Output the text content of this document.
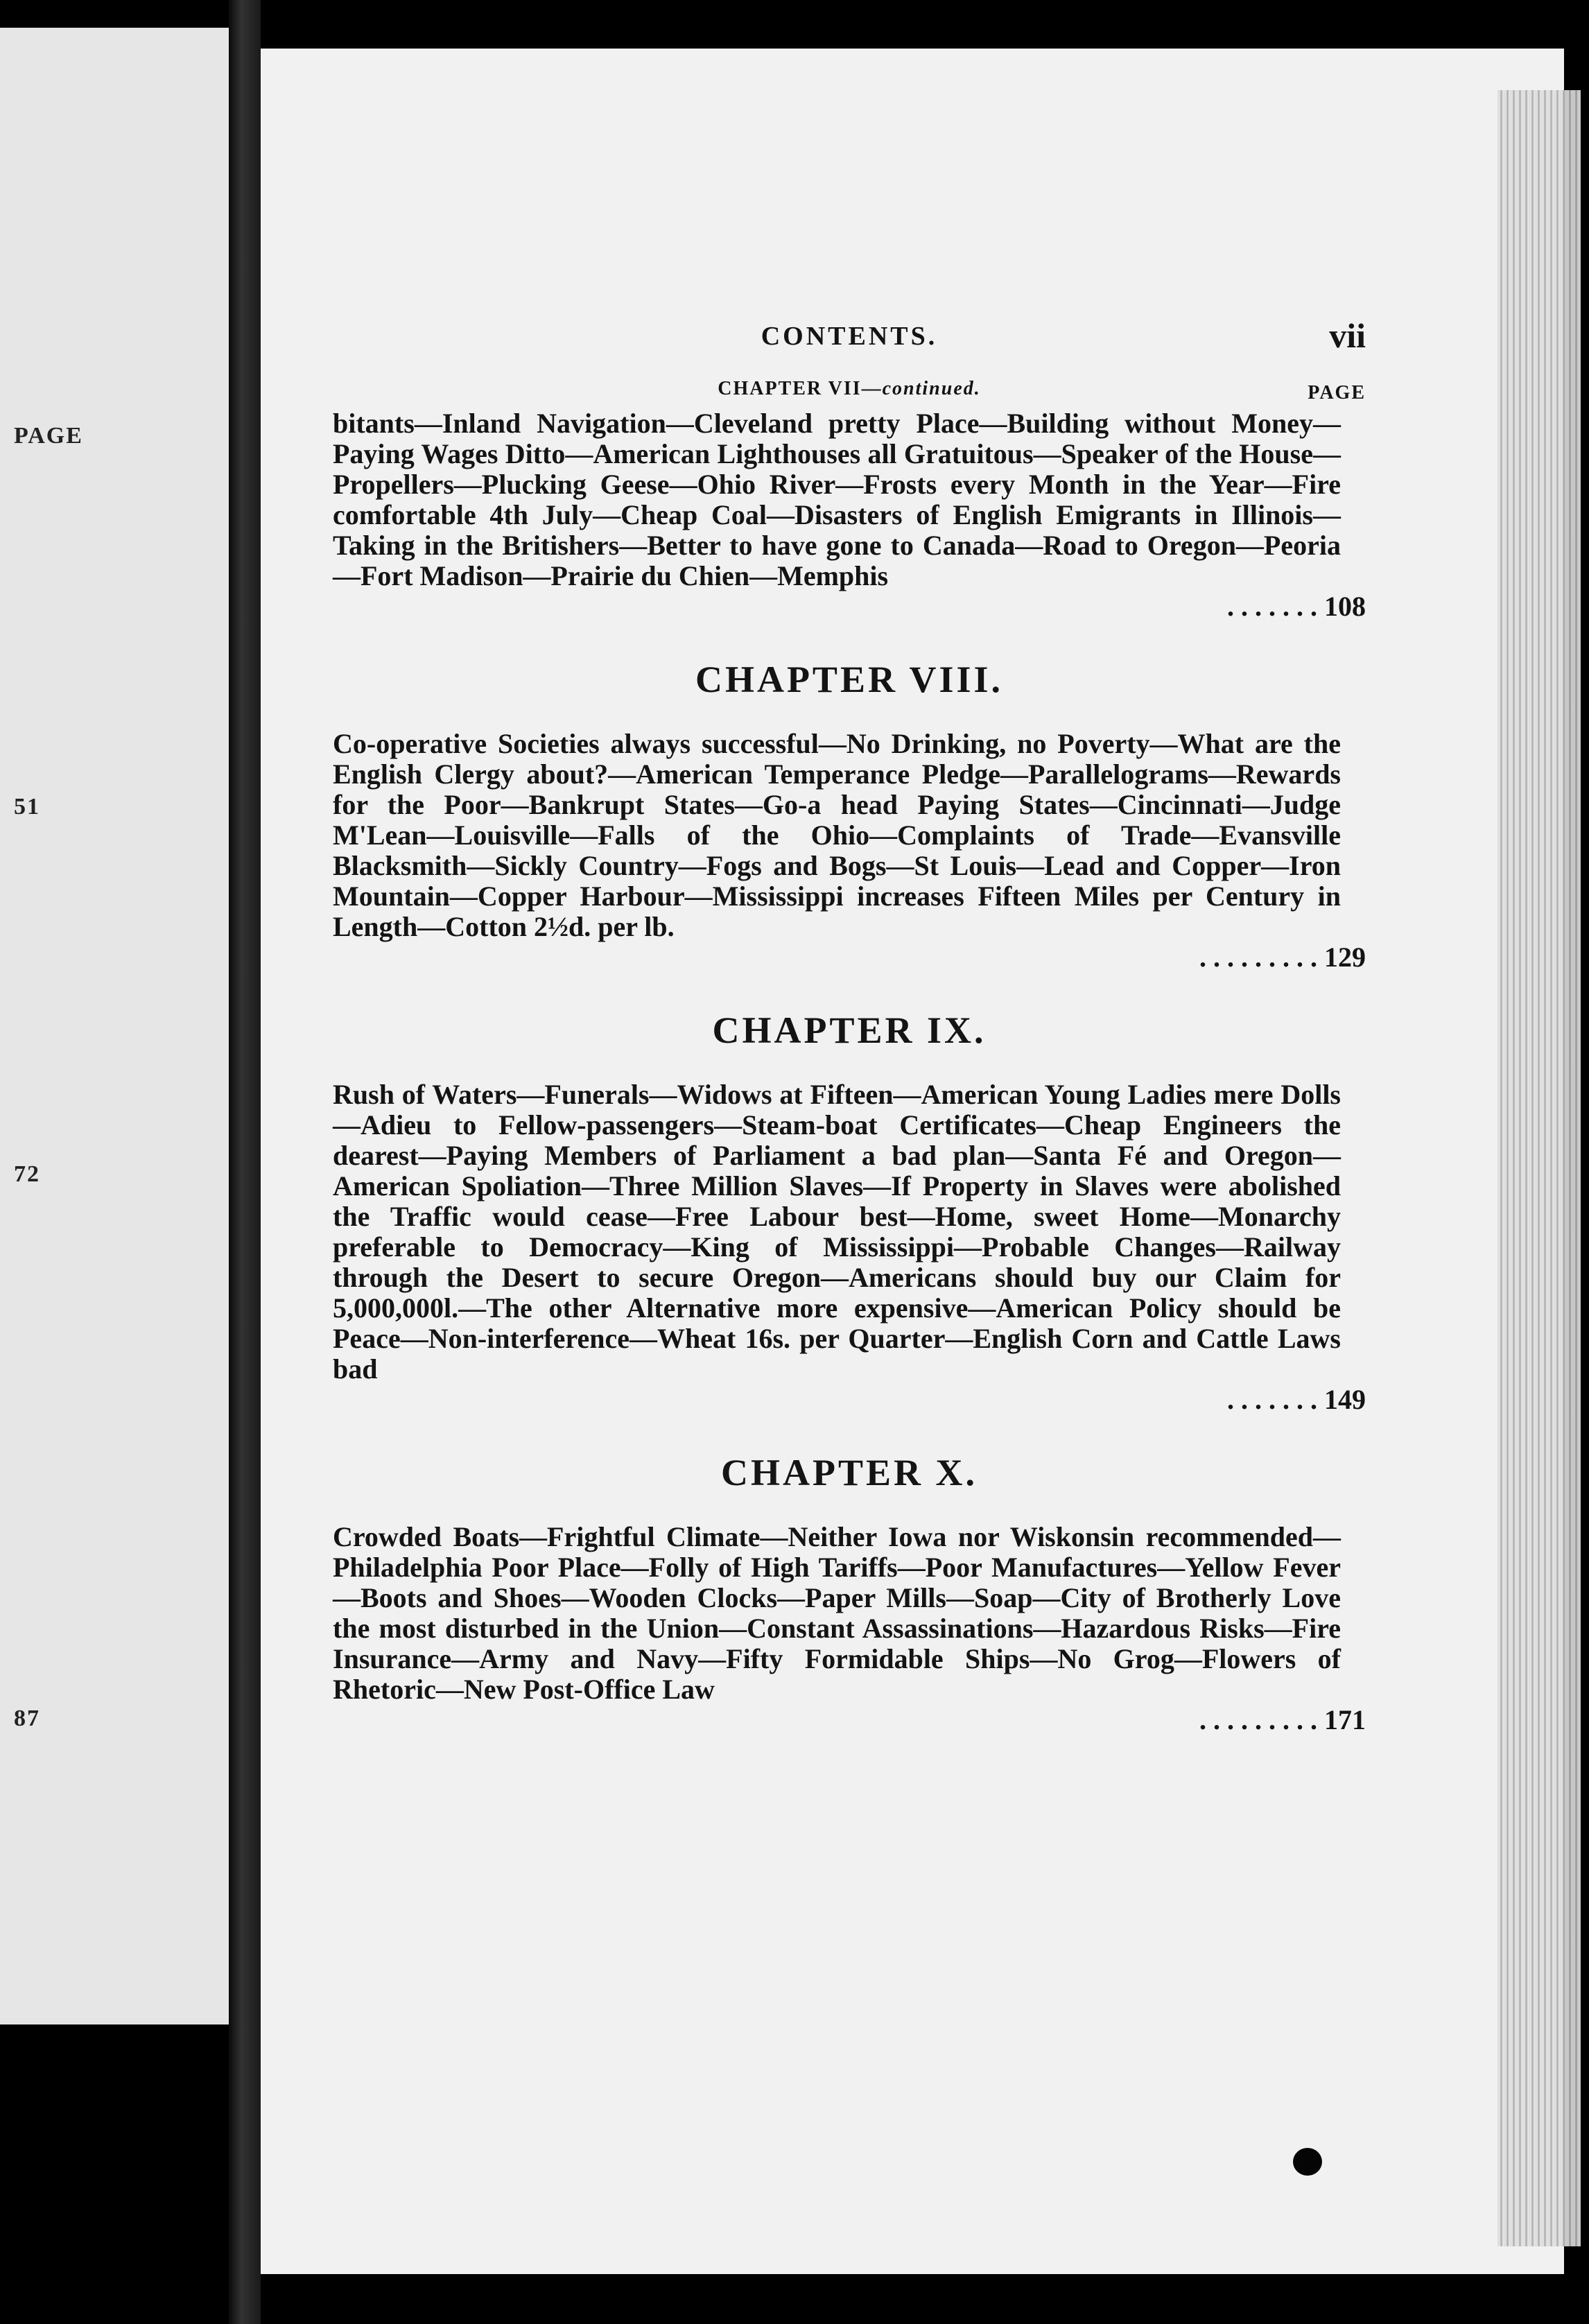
PAGE
51
72
87
CONTENTS.	vii
CHAPTER VII—continued.	PAGE
bitants—Inland Navigation—Cleveland pretty Place—Building without Money—Paying Wages Ditto—American Lighthouses all Gratuitous—Speaker of the House—Propellers—Plucking Geese—Ohio River—Frosts every Month in the Year—Fire comfortable 4th July—Cheap Coal—Disasters of English Emigrants in Illinois—Taking in the Britishers—Better to have gone to Canada—Road to Oregon—Peoria—Fort Madison—Prairie du Chien—Memphis
. . . . . . . 108
CHAPTER VIII.
Co-operative Societies always successful—No Drinking, no Poverty—What are the English Clergy about?—American Temperance Pledge—Parallelograms—Rewards for the Poor—Bankrupt States—Go-a head Paying States—Cincinnati—Judge M'Lean—Louisville—Falls of the Ohio—Complaints of Trade—Evansville Blacksmith—Sickly Country—Fogs and Bogs—St Louis—Lead and Copper—Iron Mountain—Copper Harbour—Mississippi increases Fifteen Miles per Century in Length—Cotton 2½d. per lb.
. . . . . . . . . 129
CHAPTER IX.
Rush of Waters—Funerals—Widows at Fifteen—American Young Ladies mere Dolls—Adieu to Fellow-passengers—Steam-boat Certificates—Cheap Engineers the dearest—Paying Members of Parliament a bad plan—Santa Fé and Oregon—American Spoliation—Three Million Slaves—If Property in Slaves were abolished the Traffic would cease—Free Labour best—Home, sweet Home—Monarchy preferable to Democracy—King of Mississippi—Probable Changes—Railway through the Desert to secure Oregon—Americans should buy our Claim for 5,000,000l.—The other Alternative more expensive—American Policy should be Peace—Non-interference—Wheat 16s. per Quarter—English Corn and Cattle Laws bad
. . . . . . . 149
CHAPTER X.
Crowded Boats—Frightful Climate—Neither Iowa nor Wiskonsin recommended—Philadelphia Poor Place—Folly of High Tariffs—Poor Manufactures—Yellow Fever—Boots and Shoes—Wooden Clocks—Paper Mills—Soap—City of Brotherly Love the most disturbed in the Union—Constant Assassinations—Hazardous Risks—Fire Insurance—Army and Navy—Fifty Formidable Ships—No Grog—Flowers of Rhetoric—New Post-Office Law
. . . . . . . . . 171
